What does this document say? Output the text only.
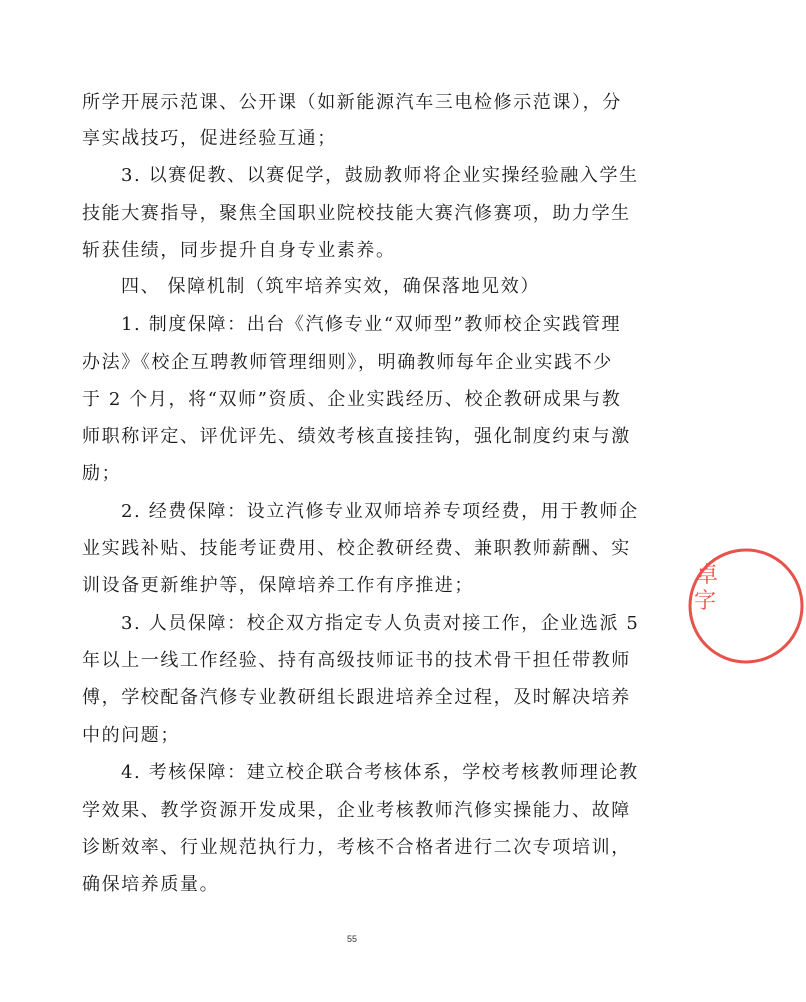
所学开展示范课、公开课（如新能源汽车三电检修示范课），分
享实战技巧，促进经验互通；
3. 以赛促教、以赛促学，鼓励教师将企业实操经验融入学生
技能大赛指导，聚焦全国职业院校技能大赛汽修赛项，助力学生
斩获佳绩，同步提升自身专业素养。
四、 保障机制（筑牢培养实效，确保落地见效）
1. 制度保障：出台《汽修专业“双师型”教师校企实践管理
办法》《校企互聘教师管理细则》，明确教师每年企业实践不少
于 2 个月，将“双师”资质、企业实践经历、校企教研成果与教
师职称评定、评优评先、绩效考核直接挂钩，强化制度约束与激
励；
2. 经费保障：设立汽修专业双师培养专项经费，用于教师企
业实践补贴、技能考证费用、校企教研经费、兼职教师薪酬、实
训设备更新维护等，保障培养工作有序推进；
3. 人员保障：校企双方指定专人负责对接工作，企业选派 5
年以上一线工作经验、持有高级技师证书的技术骨干担任带教师
傅，学校配备汽修专业教研组长跟进培养全过程，及时解决培养
中的问题；
4. 考核保障：建立校企联合考核体系，学校考核教师理论教
学效果、教学资源开发成果，企业考核教师汽修实操能力、故障
诊断效率、行业规范执行力，考核不合格者进行二次专项培训，
确保培养质量。
55
卓
字
